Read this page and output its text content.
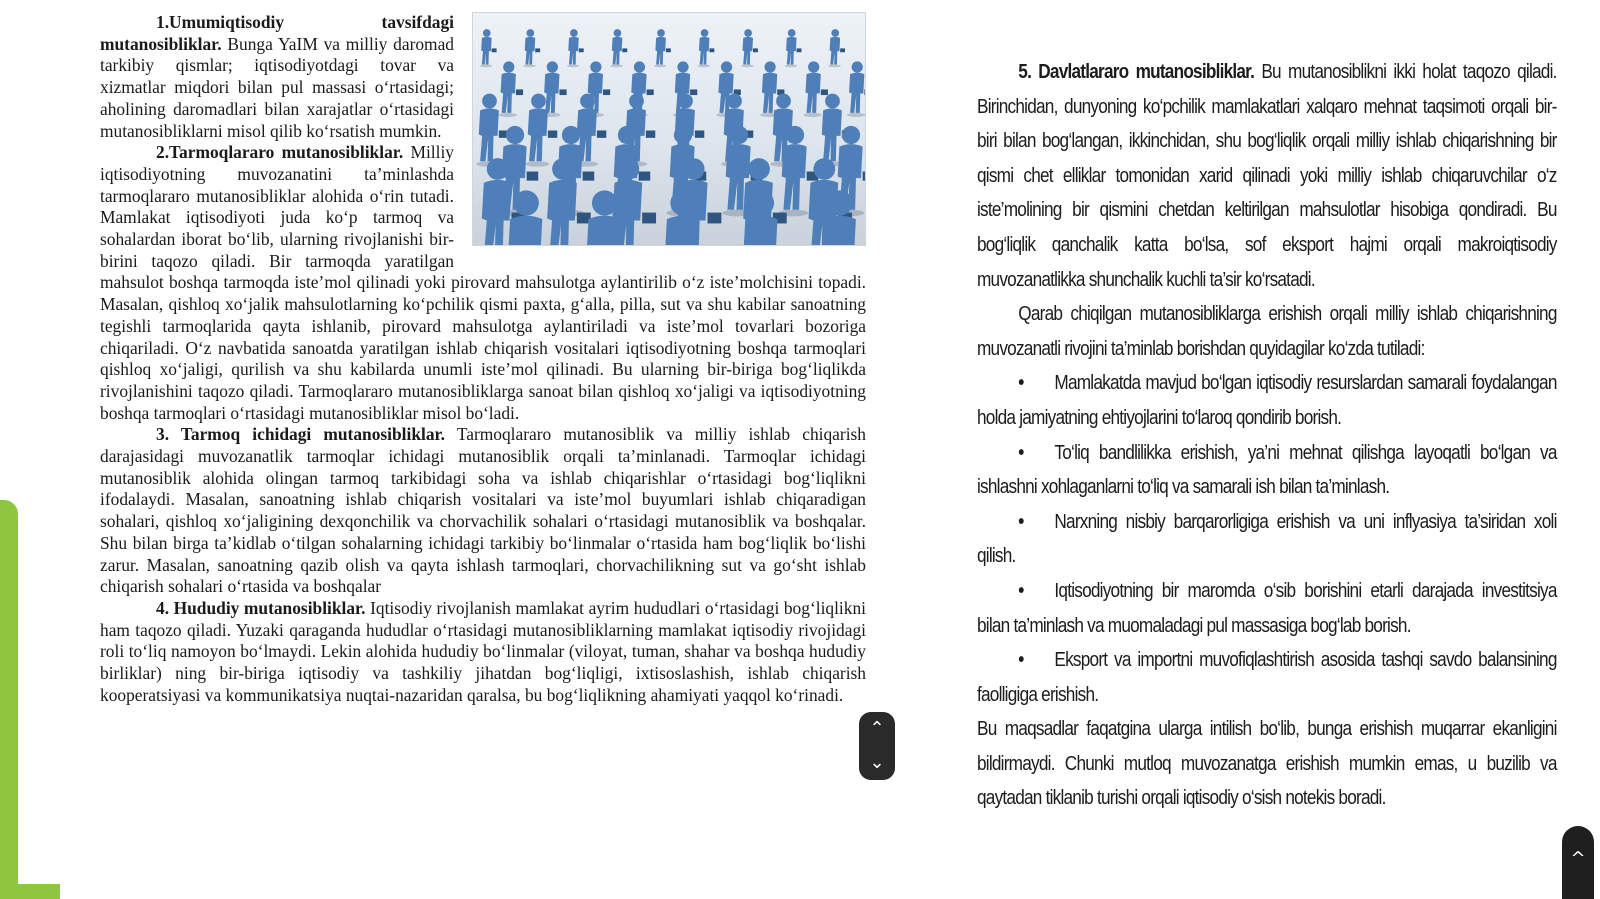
1.Umumiqtisodiy tavsifdagi mutanosibliklar. Bunga YaIM va milliy daromad tarkibiy qismlar; iqtisodiyotdagi tovar va xizmatlar miqdori bilan pul massasi o‘rtasidagi; aholining daromadlari bilan xarajatlar o‘rtasidagi mutanosibliklarni misol qilib ko‘rsatish mumkin.

2.Tarmoqlararo mutanosibliklar. Milliy iqtisodiyotning muvozanatini ta’minlashda tarmoqlararo mutanosibliklar alohida o‘rin tutadi. Mamlakat iqtisodiyoti juda ko‘p tarmoq va sohalardan iborat bo‘lib, ularning rivojlanishi bir-birini taqozo qiladi. Bir tarmoqda yaratilgan mahsulot boshqa tarmoqda iste’mol qilinadi yoki pirovard mahsulotga aylantirilib o‘z iste’molchisini topadi. Masalan, qishloq xo‘jalik mahsulotlarning ko‘pchilik qismi paxta, g‘alla, pilla, sut va shu kabilar sanoatning tegishli tarmoqlarida qayta ishlanib, pirovard mahsulotga aylantiriladi va iste’mol tovarlari bozoriga chiqariladi. O‘z navbatida sanoatda yaratilgan ishlab chiqarish vositalari iqtisodiyotning boshqa tarmoqlari qishloq xo‘jaligi, qurilish va shu kabilarda unumli iste’mol qilinadi. Bu ularning bir-biriga bog‘liqlikda rivojlanishini taqozo qiladi. Tarmoqlararo mutanosibliklarga sanoat bilan qishloq xo‘jaligi va iqtisodiyotning boshqa tarmoqlari o‘rtasidagi mutanosibliklar misol bo‘ladi.

3. Tarmoq ichidagi mutanosibliklar. Tarmoqlararo mutanosiblik va milliy ishlab chiqarish darajasidagi muvozanatlik tarmoqlar ichidagi mutanosiblik orqali ta’minlanadi. Tarmoqlar ichidagi mutanosiblik alohida olingan tarmoq tarkibidagi soha va ishlab chiqarishlar o‘rtasidagi bog‘liqlikni ifodalaydi. Masalan, sanoatning ishlab chiqarish vositalari va iste’mol buyumlari ishlab chiqaradigan sohalari, qishloq xo‘jaligining dexqonchilik va chorvachilik sohalari o‘rtasidagi mutanosiblik va boshqalar. Shu bilan birga ta’kidlab o‘tilgan sohalarning ichidagi tarkibiy bo‘linmalar o‘rtasida ham bog‘liqlik bo‘lishi zarur. Masalan, sanoatning qazib olish va qayta ishlash tarmoqlari, chorvachilikning sut va go‘sht ishlab chiqarish sohalari o‘rtasida va boshqalar

4. Hududiy mutanosibliklar. Iqtisodiy rivojlanish mamlakat ayrim hududlari o‘rtasidagi bog‘liqlikni ham taqozo qiladi. Yuzaki qaraganda hududlar o‘rtasidagi mutanosibliklarning mamlakat iqtisodiy rivojidagi roli to‘liq namoyon bo‘lmaydi. Lekin alohida hududiy bo‘linmalar (viloyat, tuman, shahar va boshqa hududiy birliklar) ning bir-biriga iqtisodiy va tashkiliy jihatdan bog‘liqligi, ixtisoslashish, ishlab chiqarish kooperatsiyasi va kommunikatsiya nuqtai-nazaridan qaralsa, bu bog‘liqlikning ahamiyati yaqqol ko‘rinadi.

5. Davlatlararo mutanosibliklar. Bu mutanosiblikni ikki holat taqozo qiladi. Birinchidan, dunyoning ko‘pchilik mamlakatlari xalqaro mehnat taqsimoti orqali bir-biri bilan bog‘langan, ikkinchidan, shu bog‘liqlik orqali milliy ishlab chiqarishning bir qismi chet elliklar tomonidan xarid qilinadi yoki milliy ishlab chiqaruvchilar o‘z iste’molining bir qismini chetdan keltirilgan mahsulotlar hisobiga qondiradi. Bu bog‘liqlik qanchalik katta bo‘lsa, sof eksport hajmi orqali makroiqtisodiy muvozanatlikka shunchalik kuchli ta’sir ko‘rsatadi.

Qarab chiqilgan mutanosibliklarga erishish orqali milliy ishlab chiqarishning muvozanatli rivojini ta’minlab borishdan quyidagilar ko‘zda tutiladi:

• Mamlakatda mavjud bo‘lgan iqtisodiy resurslardan samarali foydalangan holda jamiyatning ehtiyojlarini to‘laroq qondirib borish.

• To‘liq bandlilikka erishish, ya’ni mehnat qilishga layoqatli bo‘lgan va ishlashni xohlaganlarni to‘liq va samarali ish bilan ta’minlash.

• Narxning nisbiy barqarorligiga erishish va uni inflyasiya ta’siridan xoli qilish.

• Iqtisodiyotning bir maromda o‘sib borishini etarli darajada investitsiya bilan ta’minlash va muomaladagi pul massasiga bog‘lab borish.

• Eksport va importni muvofiqlashtirish asosida tashqi savdo balansining faolligiga erishish.

Bu maqsadlar faqatgina ularga intilish bo‘lib, bunga erishish muqarrar ekanligini bildirmaydi. Chunki mutloq muvozanatga erishish mumkin emas, u buzilib va qaytadan tiklanib turishi orqali iqtisodiy o‘sish notekis boradi.

⌃
⌄
^
